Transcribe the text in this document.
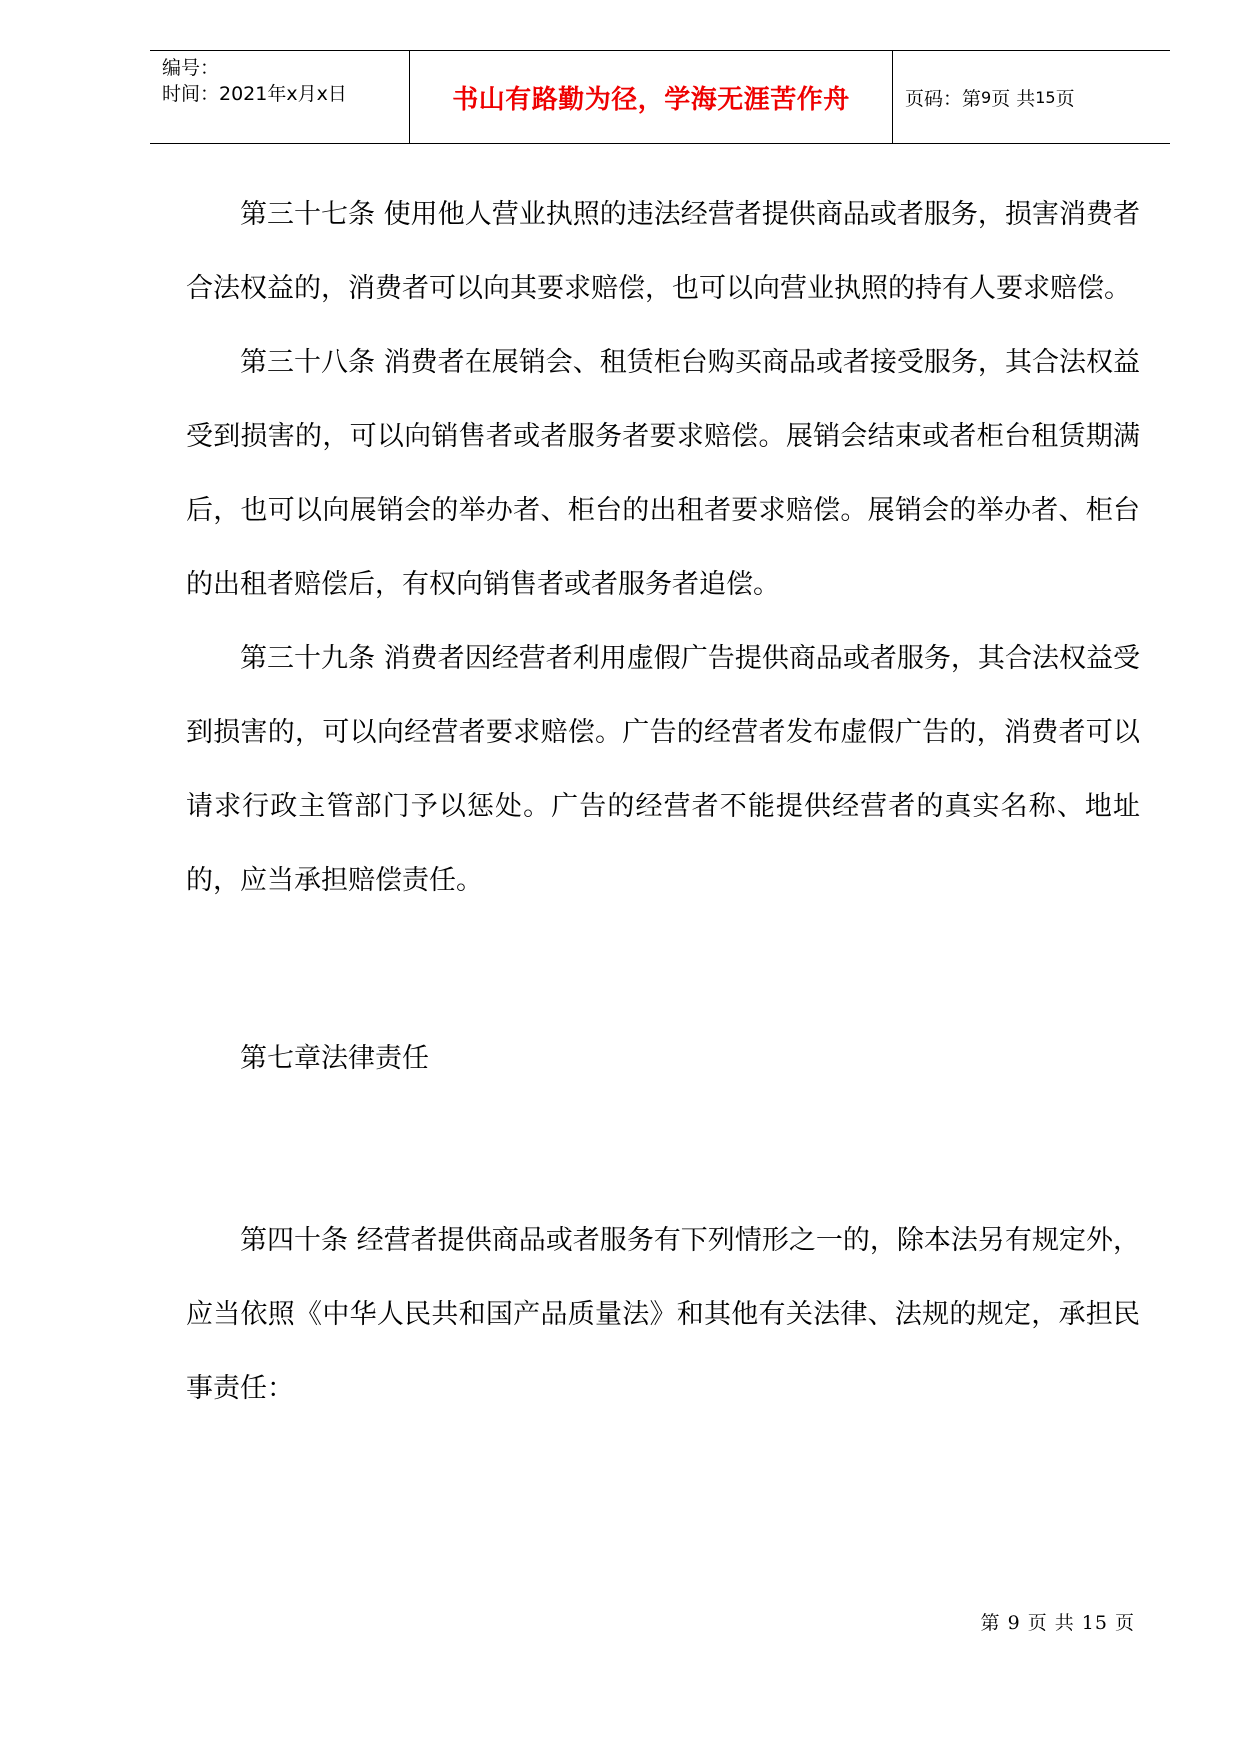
编号：
时间：2021年x月x日	书山有路勤为径，学海无涯苦作舟	页码：第 9 页 共 15 页

第三十七条 使用他人营业执照的违法经营者提供商品或者服务，损害消费者合法权益的，消费者可以向其要求赔偿，也可以向营业执照的持有人要求赔偿。

第三十八条 消费者在展销会、租赁柜台购买商品或者接受服务，其合法权益受到损害的，可以向销售者或者服务者要求赔偿。展销会结束或者柜台租赁期满后，也可以向展销会的举办者、柜台的出租者要求赔偿。展销会的举办者、柜台的出租者赔偿后，有权向销售者或者服务者追偿。

第三十九条 消费者因经营者利用虚假广告提供商品或者服务，其合法权益受到损害的，可以向经营者要求赔偿。广告的经营者发布虚假广告的，消费者可以请求行政主管部门予以惩处。广告的经营者不能提供经营者的真实名称、地址的，应当承担赔偿责任。

第七章法律责任

第四十条 经营者提供商品或者服务有下列情形之一的，除本法另有规定外，应当依照《中华人民共和国产品质量法》和其他有关法律、法规的规定，承担民事责任：

第 9 页 共 15 页
